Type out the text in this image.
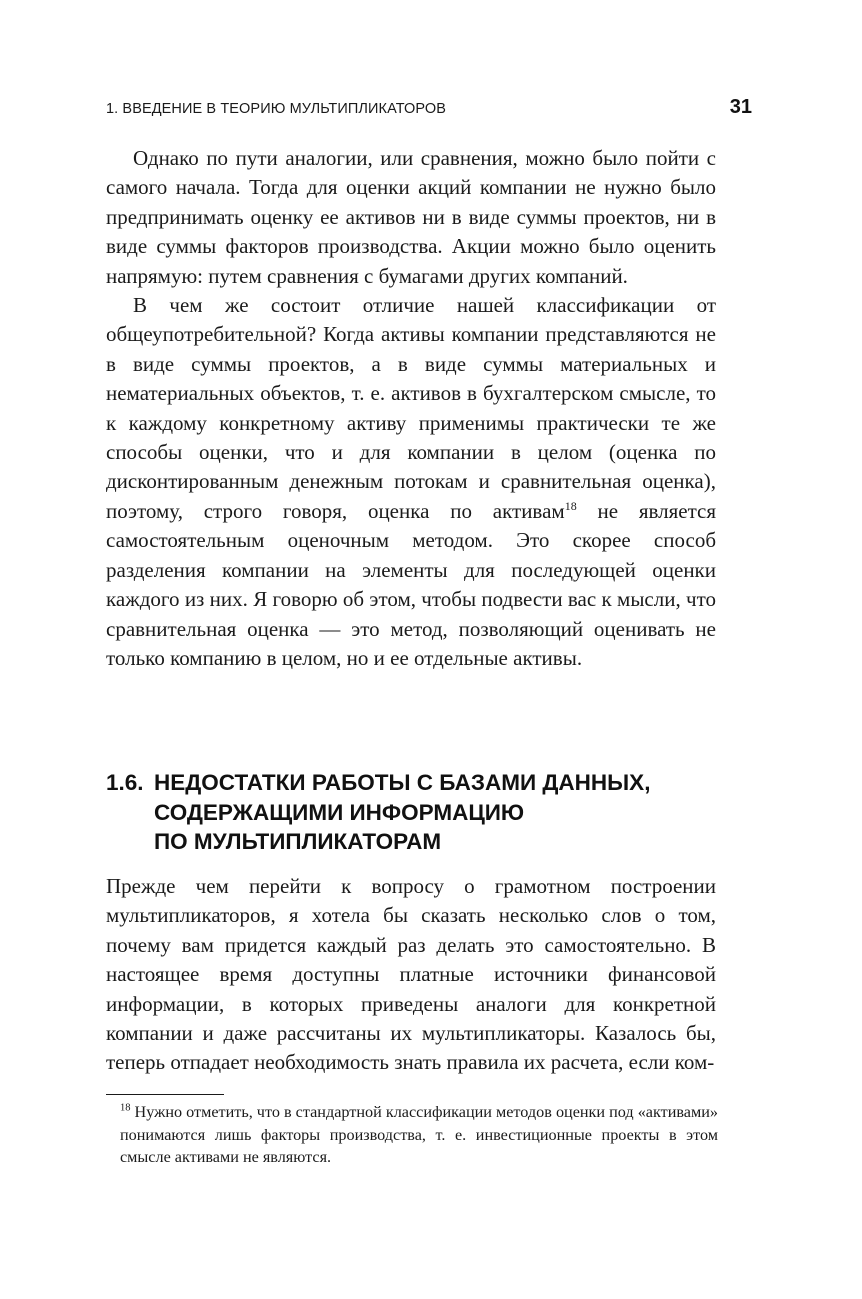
1. ВВЕДЕНИЕ В ТЕОРИЮ МУЛЬТИПЛИКАТОРОВ	31

Однако по пути аналогии, или сравнения, можно было пойти с самого начала. Тогда для оценки акций компании не нужно было предпринимать оценку ее активов ни в виде суммы проектов, ни в виде суммы факторов производства. Акции можно было оценить напрямую: путем сравнения с бумагами других компаний.

В чем же состоит отличие нашей классификации от общеупотребительной? Когда активы компании представляются не в виде суммы проектов, а в виде суммы материальных и нематериальных объектов, т. е. активов в бухгалтерском смысле, то к каждому конкретному активу применимы практически те же способы оценки, что и для компании в целом (оценка по дисконтированным денежным потокам и сравнительная оценка), поэтому, строго говоря, оценка по активам$^{18}$ не является самостоятельным оценочным методом. Это скорее способ разделения компании на элементы для последующей оценки каждого из них. Я говорю об этом, чтобы подвести вас к мысли, что сравнительная оценка — это метод, позволяющий оценивать не только компанию в целом, но и ее отдельные активы.

1.6. НЕДОСТАТКИ РАБОТЫ С БАЗАМИ ДАННЫХ,
СОДЕРЖАЩИМИ ИНФОРМАЦИЮ
ПО МУЛЬТИПЛИКАТОРАМ

Прежде чем перейти к вопросу о грамотном построении мультипликаторов, я хотела бы сказать несколько слов о том, почему вам придется каждый раз делать это самостоятельно. В настоящее время доступны платные источники финансовой информации, в которых приведены аналоги для конкретной компании и даже рассчитаны их мультипликаторы. Казалось бы, теперь отпадает необходимость знать правила их расчета, если ком-

$^{18}$ Нужно отметить, что в стандартной классификации методов оценки под «активами» понимаются лишь факторы производства, т. е. инвестиционные проекты в этом смысле активами не являются.
